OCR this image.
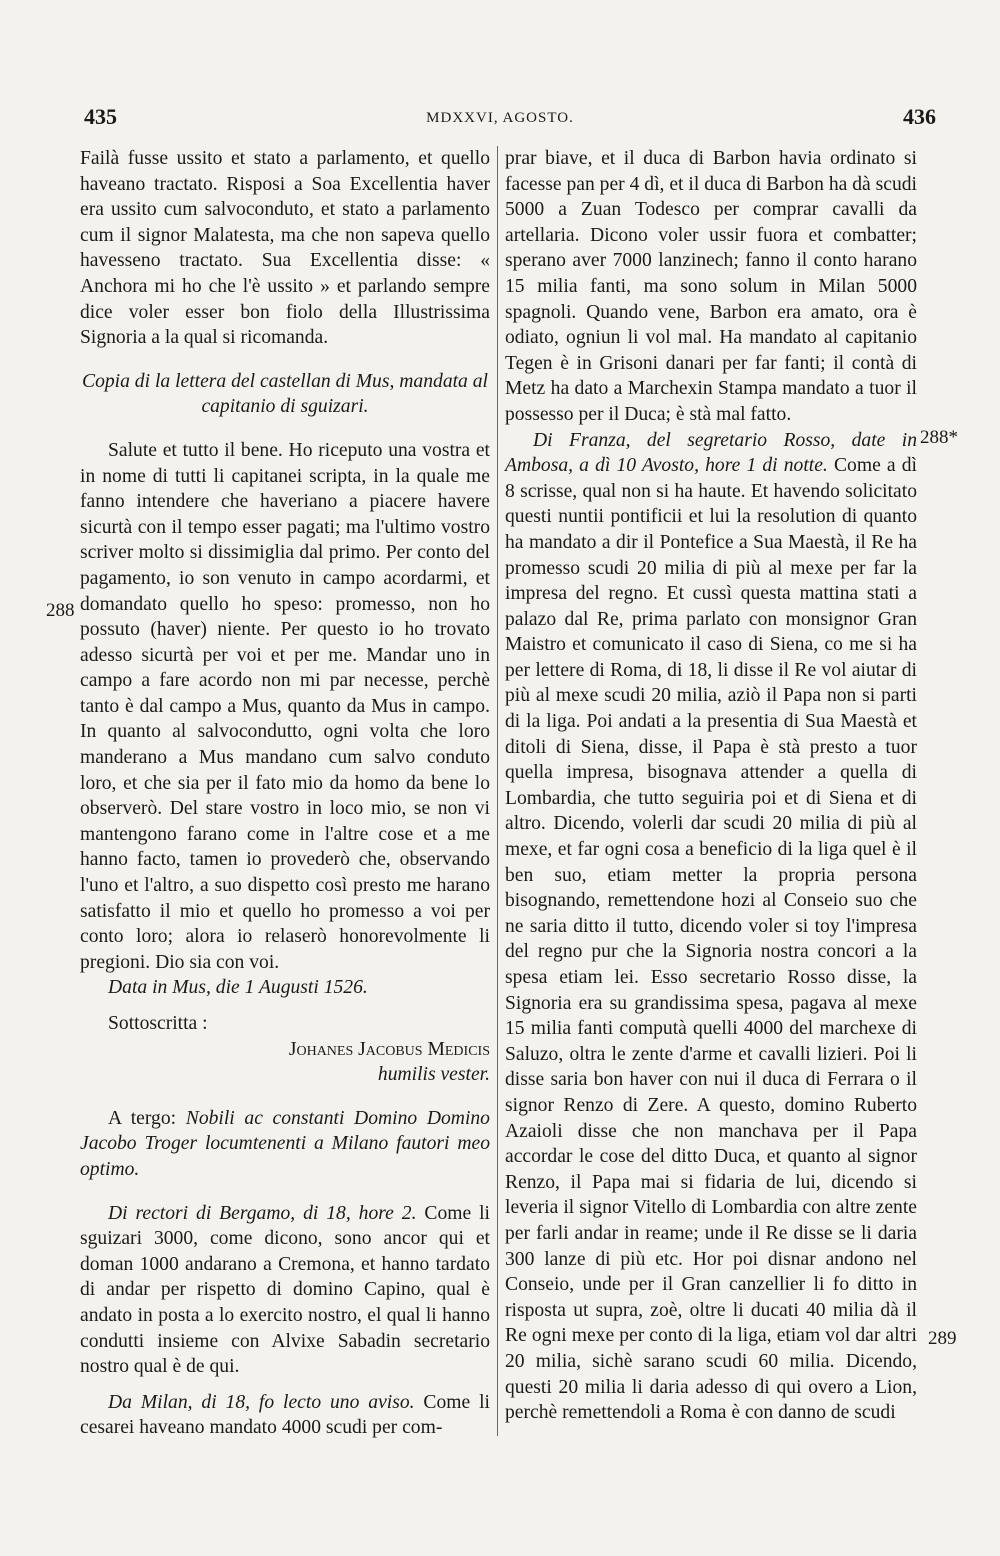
435	MDXXVI, AGOSTO.	436
288
288*
289

Failà fusse ussito et stato a parlamento, et quello haveano tractato. Risposi a Soa Excellentia haver era ussito cum salvoconduto, et stato a parlamento cum il signor Malatesta, ma che non sapeva quello havesseno tractato. Sua Excellentia disse: « Anchora mi ho che l'è ussito » et parlando sempre dice voler esser bon fiolo della Illustrissima Signoria a la qual si ricomanda.

Copia di la lettera del castellan di Mus, mandata al capitanio di sguizari.

Salute et tutto il bene. Ho riceputo una vostra et in nome di tutti li capitanei scripta, in la quale me fanno intendere che haveriano a piacere havere sicurtà con il tempo esser pagati; ma l'ultimo vostro scriver molto si dissimiglia dal primo. Per conto del pagamento, io son venuto in campo acordarmi, et domandato quello ho speso: promesso, non ho possuto (haver) niente. Per questo io ho trovato adesso sicurtà per voi et per me. Mandar uno in campo a fare acordo non mi par necesse, perchè tanto è dal campo a Mus, quanto da Mus in campo. In quanto al salvocondutto, ogni volta che loro manderano a Mus mandano cum salvo conduto loro, et che sia per il fato mio da homo da bene lo observerò. Del stare vostro in loco mio, se non vi mantengono farano come in l'altre cose et a me hanno facto, tamen io provederò che, observando l'uno et l'altro, a suo dispetto così presto me harano satisfatto il mio et quello ho promesso a voi per conto loro; alora io relaserò honorevolmente li pregioni. Dio sia con voi.

Data in Mus, die 1 Augusti 1526.

Sottoscritta :

Johanes Jacobus Medicis

humilis vester.

A tergo: Nobili ac constanti Domino Domino Jacobo Troger locumtenenti a Milano fautori meo optimo.

Di rectori di Bergamo, di 18, hore 2. Come li sguizari 3000, come dicono, sono ancor qui et doman 1000 andarano a Cremona, et hanno tardato di andar per rispetto di domino Capino, qual è andato in posta a lo exercito nostro, el qual li hanno condutti insieme con Alvixe Sabadin secretario nostro qual è de qui.

Da Milan, di 18, fo lecto uno aviso. Come li cesarei haveano mandato 4000 scudi per com-

prar biave, et il duca di Barbon havia ordinato si facesse pan per 4 dì, et il duca di Barbon ha dà scudi 5000 a Zuan Todesco per comprar cavalli da artellaria. Dicono voler ussir fuora et combatter; sperano aver 7000 lanzinech; fanno il conto harano 15 milia fanti, ma sono solum in Milan 5000 spagnoli. Quando vene, Barbon era amato, ora è odiato, ogniun li vol mal. Ha mandato al capitanio Tegen è in Grisoni danari per far fanti; il contà di Metz ha dato a Marchexin Stampa mandato a tuor il possesso per il Duca; è stà mal fatto.

Di Franza, del segretario Rosso, date in Ambosa, a dì 10 Avosto, hore 1 di notte. Come a dì 8 scrisse, qual non si ha haute. Et havendo solicitato questi nuntii pontificii et lui la resolution di quanto ha mandato a dir il Pontefice a Sua Maestà, il Re ha promesso scudi 20 milia di più al mexe per far la impresa del regno. Et cussì questa mattina stati a palazo dal Re, prima parlato con monsignor Gran Maistro et comunicato il caso di Siena, co me si ha per lettere di Roma, di 18, li disse il Re vol aiutar di più al mexe scudi 20 milia, aziò il Papa non si parti di la liga. Poi andati a la presentia di Sua Maestà et ditoli di Siena, disse, il Papa è stà presto a tuor quella impresa, bisognava attender a quella di Lombardia, che tutto seguiria poi et di Siena et di altro. Dicendo, volerli dar scudi 20 milia di più al mexe, et far ogni cosa a beneficio di la liga quel è il ben suo, etiam metter la propria persona bisognando, remettendone hozi al Conseio suo che ne saria ditto il tutto, dicendo voler si toy l'impresa del regno pur che la Signoria nostra concori a la spesa etiam lei. Esso secretario Rosso disse, la Signoria era su grandissima spesa, pagava al mexe 15 milia fanti computà quelli 4000 del marchexe di Saluzo, oltra le zente d'arme et cavalli lizieri. Poi li disse saria bon haver con nui il duca di Ferrara o il signor Renzo di Zere. A questo, domino Ruberto Azaioli disse che non manchava per il Papa accordar le cose del ditto Duca, et quanto al signor Renzo, il Papa mai si fidaria de lui, dicendo si leveria il signor Vitello di Lombardia con altre zente per farli andar in reame; unde il Re disse se li daria 300 lanze di più etc. Hor poi disnar andono nel Conseio, unde per il Gran canzellier li fo ditto in risposta ut supra, zoè, oltre li ducati 40 milia dà il Re ogni mexe per conto di la liga, etiam vol dar altri 20 milia, sichè sarano scudi 60 milia. Dicendo, questi 20 milia li daria adesso di qui overo a Lion, perchè remettendoli a Roma è con danno de scudi
